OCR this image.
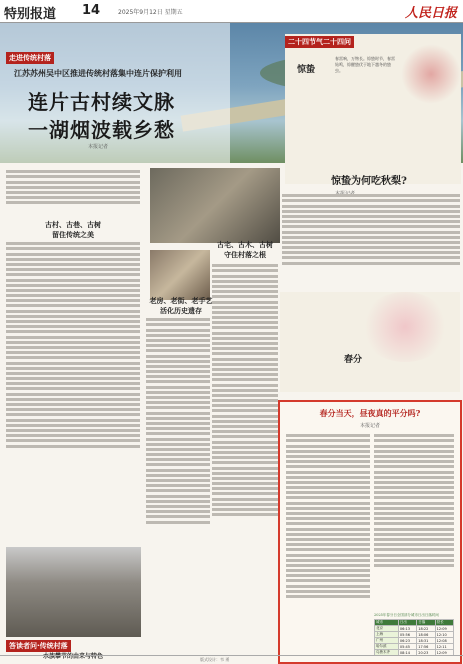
特别报道 14	2025年9月12日 星期五	人民日报
走进传统村落
江苏苏州吴中区推进传统村落集中连片保护利用
连片古村续文脉
一湖烟波载乡愁
本报记者
惊蛰
春雷响，万物长。惊蛰时节，春雷始鸣，惊醒蛰伏于地下越冬的蛰虫。
惊蛰为何吃秋梨?
二十四节气二十四问
古村、古巷、古树
留住传统之美
老房、老街、老手艺
活化历史遗存
古宅、古木、古树
守住村落之根
春分
答读者问·传统村落
水族攀节的由来与特色
春分当天，昼夜真的平分吗?
本报记者
2025年春分日全国部分城市日出日落时间
城市	日出	日落	昼长
北京	06:13	18:22	12:09
上海	05:56	18:06	12:10
广州	06:23	18:31	12:08
哈尔滨	05:45	17:56	12:11
乌鲁木齐	08:14	20:23	12:09
版式设计：韦 勇
